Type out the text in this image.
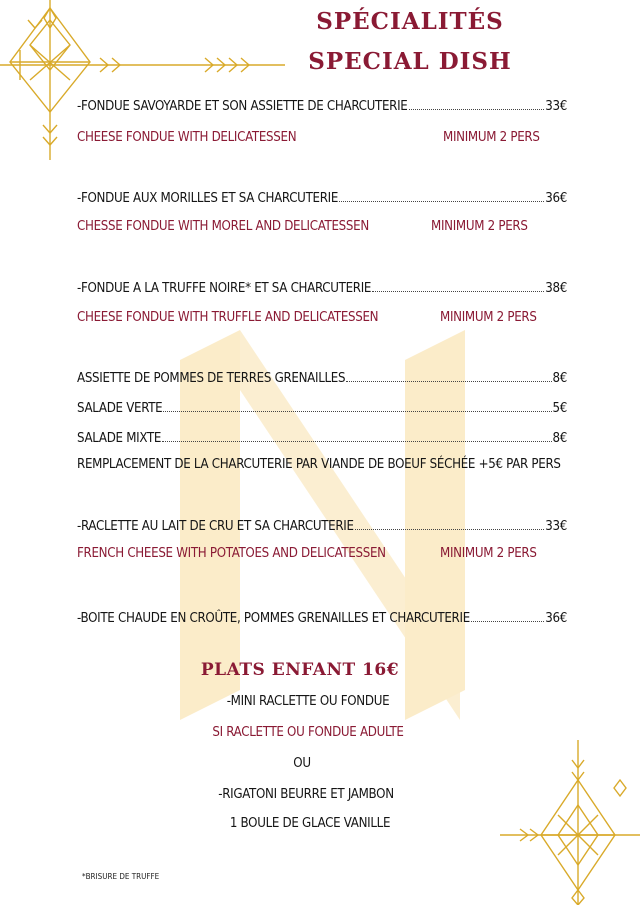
SPÉCIALITÉS
SPECIAL DISH
-FONDUE SAVOYARDE ET SON ASSIETTE DE CHARCUTERIE	33€
CHEESE FONDUE WITH DELICATESSEN	MINIMUM 2 PERS
-FONDUE AUX MORILLES ET SA CHARCUTERIE	36€
CHESSE FONDUE WITH MOREL AND DELICATESSEN	MINIMUM 2 PERS
-FONDUE A LA TRUFFE NOIRE* ET SA CHARCUTERIE	38€
CHEESE FONDUE WITH TRUFFLE AND DELICATESSEN	MINIMUM 2 PERS
ASSIETTE DE POMMES DE TERRES GRENAILLES	8€
SALADE VERTE	5€
SALADE MIXTE	8€
REMPLACEMENT DE LA CHARCUTERIE PAR VIANDE DE BOEUF SÉCHÉE +5€ PAR PERS
-RACLETTE AU LAIT DE CRU ET SA CHARCUTERIE	33€
FRENCH CHEESE WITH POTATOES AND DELICATESSEN	MINIMUM 2 PERS
-BOITE CHAUDE EN CROÛTE, POMMES GRENAILLES ET CHARCUTERIE	36€
PLATS ENFANT 16€
-MINI RACLETTE OU FONDUE
SI RACLETTE OU FONDUE ADULTE
OU
-RIGATONI BEURRE ET JAMBON
1 BOULE DE GLACE VANILLE
*BRISURE DE TRUFFE
